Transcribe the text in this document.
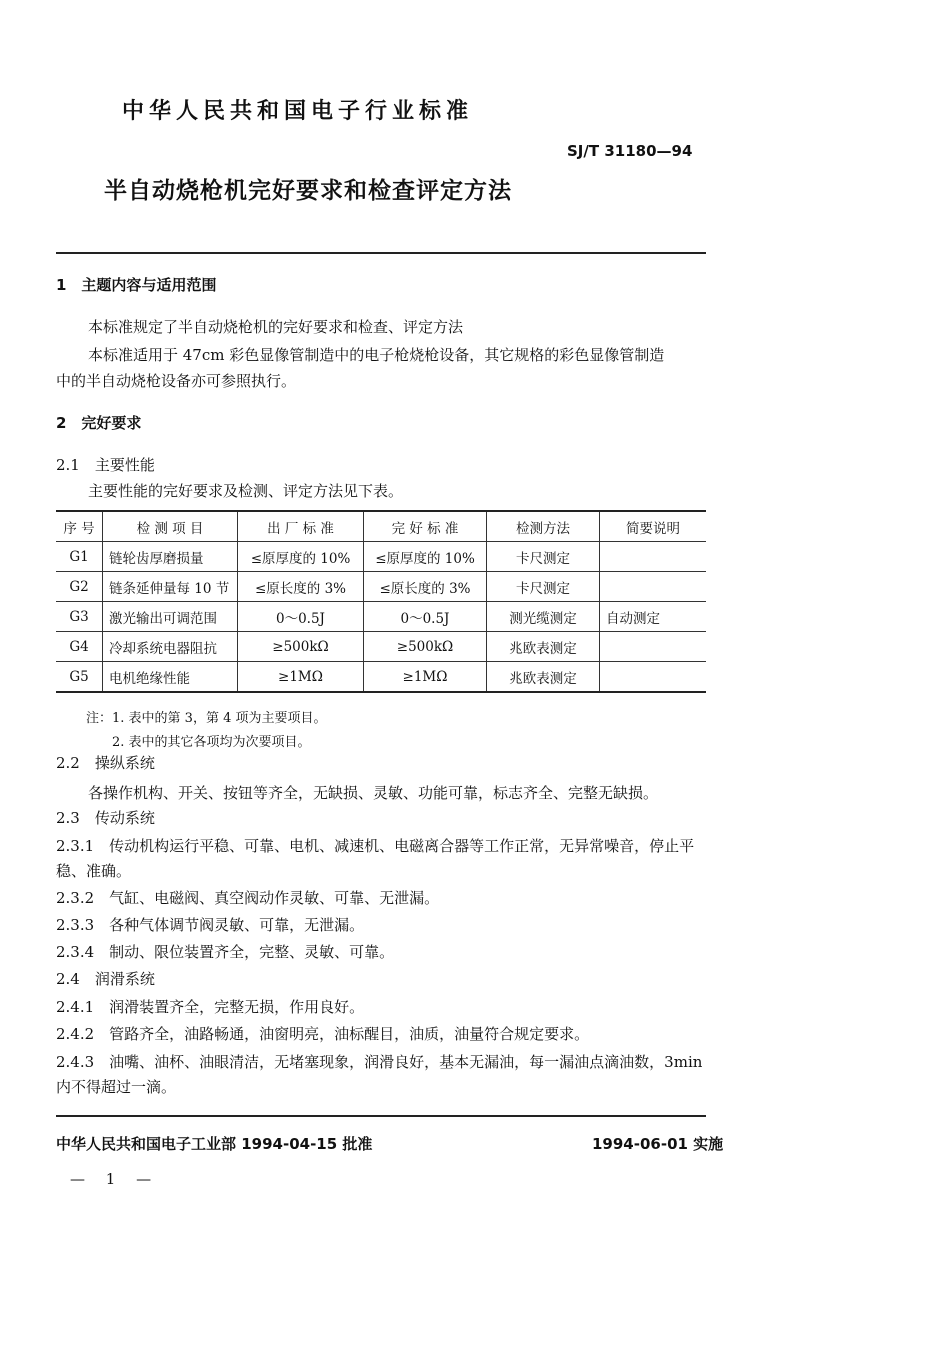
中华人民共和国电子行业标准
SJ/T 31180—94
半自动烧枪机完好要求和检查评定方法
1　主题内容与适用范围
本标准规定了半自动烧枪机的完好要求和检查、评定方法
本标准适用于 47cm 彩色显像管制造中的电子枪烧枪设备，其它规格的彩色显像管制造
中的半自动烧枪设备亦可参照执行。
2　完好要求
2.1　主要性能
主要性能的完好要求及检测、评定方法见下表。
序 号	检 测 项 目	出 厂 标 准	完 好 标 准	检测方法	简要说明
G1	链轮齿厚磨损量	≤原厚度的 10%	≤原厚度的 10%	卡尺测定	
G2	链条延伸量每 10 节	≤原长度的 3%	≤原长度的 3%	卡尺测定	
G3	激光输出可调范围	0～0.5J	0～0.5J	测光缆测定	自动测定
G4	冷却系统电器阻抗	≥500kΩ	≥500kΩ	兆欧表测定	
G5	电机绝缘性能	≥1MΩ	≥1MΩ	兆欧表测定	
注：1. 表中的第 3，第 4 项为主要项目。
2. 表中的其它各项均为次要项目。
2.2　操纵系统
各操作机构、开关、按钮等齐全，无缺损、灵敏、功能可靠，标志齐全、完整无缺损。
2.3　传动系统
2.3.1　传动机构运行平稳、可靠、电机、减速机、电磁离合器等工作正常，无异常噪音，停止平
稳、准确。
2.3.2　气缸、电磁阀、真空阀动作灵敏、可靠、无泄漏。
2.3.3　各种气体调节阀灵敏、可靠，无泄漏。
2.3.4　制动、限位装置齐全，完整、灵敏、可靠。
2.4　润滑系统
2.4.1　润滑装置齐全，完整无损，作用良好。
2.4.2　管路齐全，油路畅通，油窗明亮，油标醒目，油质，油量符合规定要求。
2.4.3　油嘴、油杯、油眼清洁，无堵塞现象，润滑良好，基本无漏油，每一漏油点滴油数，3min
内不得超过一滴。
中华人民共和国电子工业部 1994-04-15 批准	1994-06-01 实施
— 1 —
